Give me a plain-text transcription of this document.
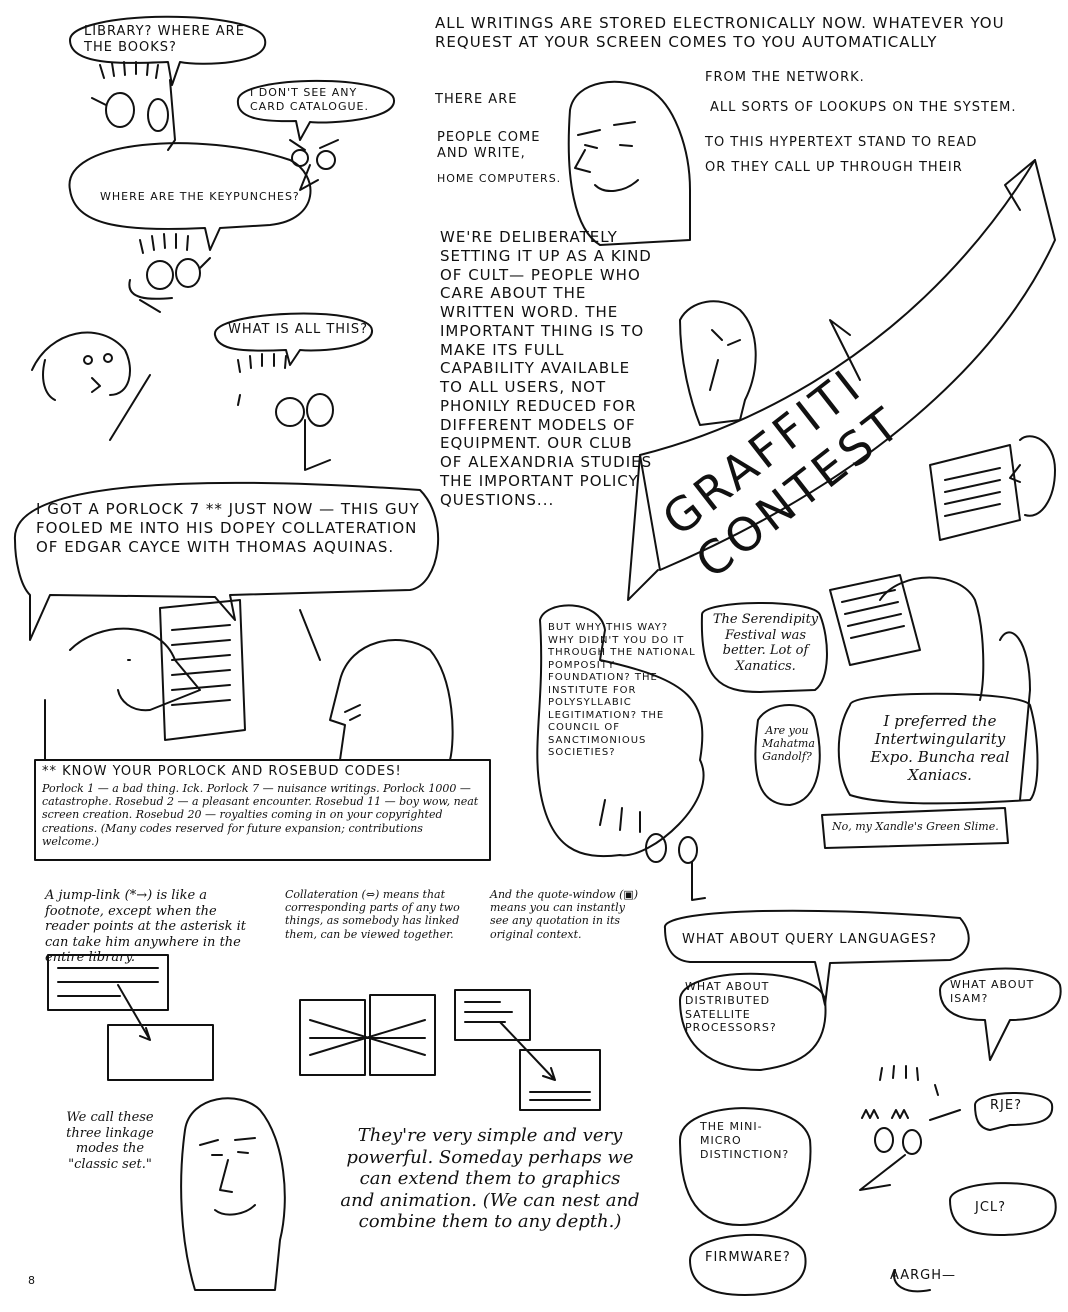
LIBRARY? WHERE ARE THE BOOKS?
I DON'T SEE ANY CARD CATALOGUE.
WHERE ARE THE KEYPUNCHES?
WHAT IS ALL THIS?
ALL WRITINGS ARE STORED ELECTRONICALLY NOW. WHATEVER YOU REQUEST AT YOUR SCREEN COMES TO YOU AUTOMATICALLY
FROM THE NETWORK.
THERE ARE
ALL SORTS OF LOOKUPS ON THE SYSTEM.
PEOPLE COME AND WRITE,
TO THIS HYPERTEXT STAND TO READ
HOME COMPUTERS.
OR THEY CALL UP THROUGH THEIR
WE'RE DELIBERATELY SETTING IT UP AS A KIND OF CULT— PEOPLE WHO CARE ABOUT THE WRITTEN WORD. THE IMPORTANT THING IS TO MAKE ITS FULL CAPABILITY AVAILABLE TO ALL USERS, NOT PHONILY REDUCED FOR DIFFERENT MODELS OF EQUIPMENT. OUR CLUB OF ALEXANDRIA STUDIES THE IMPORTANT POLICY QUESTIONS...	GRAFFITI CONTEST
I GOT A PORLOCK 7 ** JUST NOW — THIS GUY FOOLED ME INTO HIS DOPEY COLLATERATION OF EDGAR CAYCE WITH THOMAS AQUINAS.
** KNOW YOUR PORLOCK AND ROSEBUD CODES!
Porlock 1 — a bad thing. Ick. Porlock 7 — nuisance writings. Porlock 1000 — catastrophe. Rosebud 2 — a pleasant encounter. Rosebud 11 — boy wow, neat screen creation. Rosebud 20 — royalties coming in on your copyrighted creations. (Many codes reserved for future expansion; contributions welcome.)
BUT WHY THIS WAY? WHY DIDN'T YOU DO IT THROUGH THE NATIONAL POMPOSITY FOUNDATION? THE INSTITUTE FOR POLYSYLLABIC LEGITIMATION? THE COUNCIL OF SANCTIMONIOUS SOCIETIES?
The Serendipity Festival was better. Lot of Xanatics.
Are you Mahatma Gandolf?
I preferred the Intertwingularity Expo. Buncha real Xaniacs.
No, my Xandle's Green Slime.
WHAT ABOUT QUERY LANGUAGES?
WHAT ABOUT DISTRIBUTED SATELLITE PROCESSORS?
WHAT ABOUT ISAM?
RJE?
THE MINI-MICRO DISTINCTION?
JCL?
FIRMWARE?
AARGH—
A jump-link (*→) is like a footnote, except when the reader points at the asterisk it can take him anywhere in the entire library.
Collateration (⇔) means that corresponding parts of any two things, as somebody has linked them, can be viewed together.
And the quote-window (▣) means you can instantly see any quotation in its original context.
We call these three linkage modes the "classic set."
They're very simple and very powerful. Someday perhaps we can extend them to graphics and animation. (We can nest and combine them to any depth.)
8
